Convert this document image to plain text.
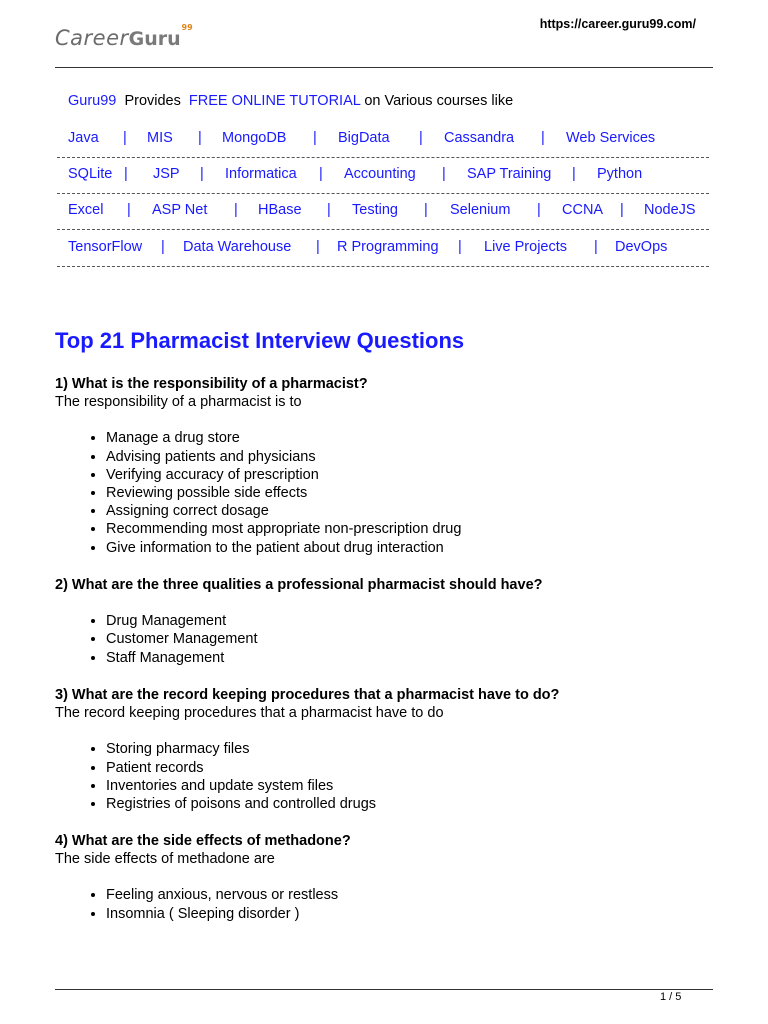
https://career.guru99.com/
CareerGuru
99
Guru99 Provides FREE ONLINE TUTORIAL on Various courses like
Java | MIS | MongoDB | BigData | Cassandra | Web Services
SQLite | JSP | Informatica | Accounting | SAP Training | Python
Excel | ASP Net | HBase | Testing | Selenium | CCNA | NodeJS
TensorFlow | Data Warehouse | R Programming | Live Projects | DevOps
Top 21 Pharmacist Interview Questions
1) What is the responsibility of a pharmacist?
The responsibility of a pharmacist is to
• Manage a drug store
• Advising patients and physicians
• Verifying accuracy of prescription
• Reviewing possible side effects
• Assigning correct dosage
• Recommending most appropriate non-prescription drug
• Give information to the patient about drug interaction
2) What are the three qualities a professional pharmacist should have?
• Drug Management
• Customer Management
• Staff Management
3) What are the record keeping procedures that a pharmacist have to do?
The record keeping procedures that a pharmacist have to do
• Storing pharmacy files
• Patient records
• Inventories and update system files
• Registries of poisons and controlled drugs
4) What are the side effects of methadone?
The side effects of methadone are
• Feeling anxious, nervous or restless
• Insomnia ( Sleeping disorder )
1 / 5
